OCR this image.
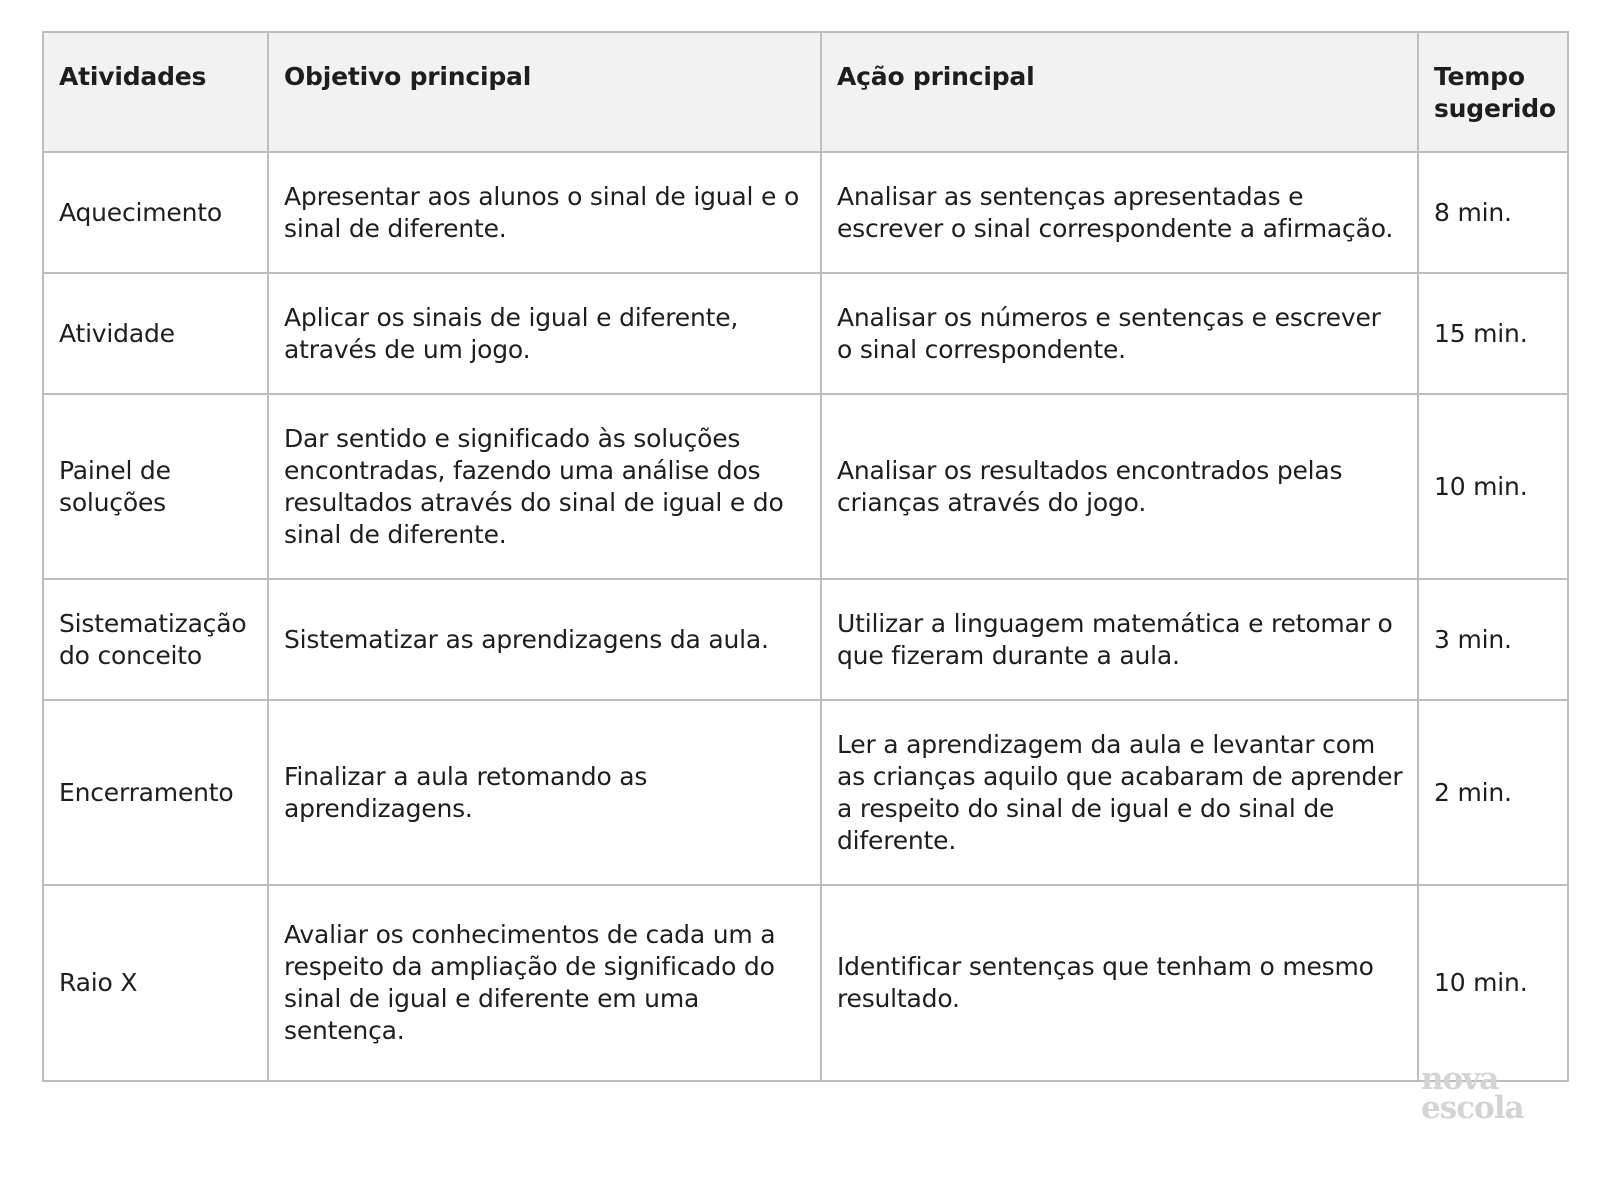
Atividades	Objetivo principal	Ação principal	Tempo sugerido
Aquecimento	Apresentar aos alunos o sinal de igual e o sinal de diferente.	Analisar as sentenças apresentadas e escrever o sinal correspondente a afirmação.	8 min.
Atividade	Aplicar os sinais de igual e diferente, através de um jogo.	Analisar os números e sentenças e escrever o sinal correspondente.	15 min.
Painel de soluções	Dar sentido e significado às soluções encontradas, fazendo uma análise dos resultados através do sinal de igual e do sinal de diferente.	Analisar os resultados encontrados pelas crianças através do jogo.	10 min.
Sistematização do conceito	Sistematizar as aprendizagens da aula.	Utilizar a linguagem matemática e retomar o que fizeram durante a aula.	3 min.
Encerramento	Finalizar a aula retomando as aprendizagens.	Ler a aprendizagem da aula e levantar com as crianças aquilo que acabaram de aprender a respeito do sinal de igual e do sinal de diferente.	2 min.
Raio X	Avaliar os conhecimentos de cada um a respeito da ampliação de significado do sinal de igual e diferente em uma sentença.	Identificar sentenças que tenham o mesmo resultado.	10 min.
nova
escola
